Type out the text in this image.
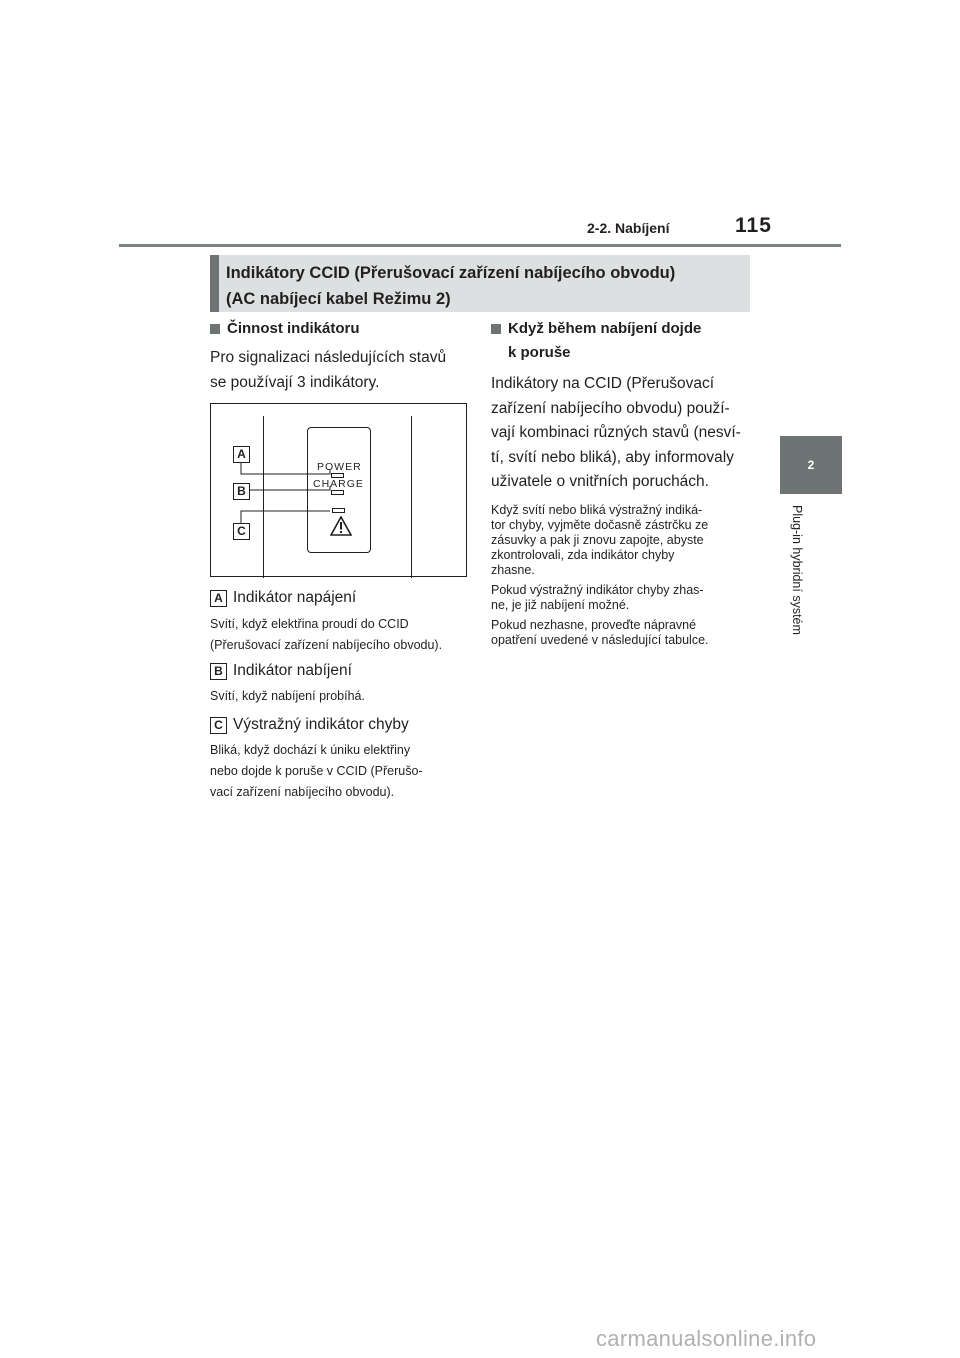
2-2. Nabíjení	115
2
Plug-in hybridní systém
Indikátory CCID (Přerušovací zařízení nabíjecího obvodu)
(AC nabíjecí kabel Režimu 2)
Činnost indikátoru
Pro signalizaci následujících stavů
se používají 3 indikátory.
POWER
CHARGE
A
B
C
A Indikátor napájení
Svítí, když elektřina proudí do CCID
(Přerušovací zařízení nabíjecího obvodu).
B Indikátor nabíjení
Svítí, když nabíjení probíhá.
C Výstražný indikátor chyby
Bliká, když dochází k úniku elektřiny
nebo dojde k poruše v CCID (Přerušo-
vací zařízení nabíjecího obvodu).
Když během nabíjení dojde
k poruše
Indikátory na CCID (Přerušovací
zařízení nabíjecího obvodu) použí-
vají kombinaci různých stavů (nesví-
tí, svítí nebo bliká), aby informovaly
uživatele o vnitřních poruchách.
Když svítí nebo bliká výstražný indiká-
tor chyby, vyjměte dočasně zástrčku ze
zásuvky a pak ji znovu zapojte, abyste
zkontrolovali, zda indikátor chyby
zhasne.
Pokud výstražný indikátor chyby zhas-
ne, je již nabíjení možné.
Pokud nezhasne, proveďte nápravné
opatření uvedené v následující tabulce.
carmanualsonline.info
